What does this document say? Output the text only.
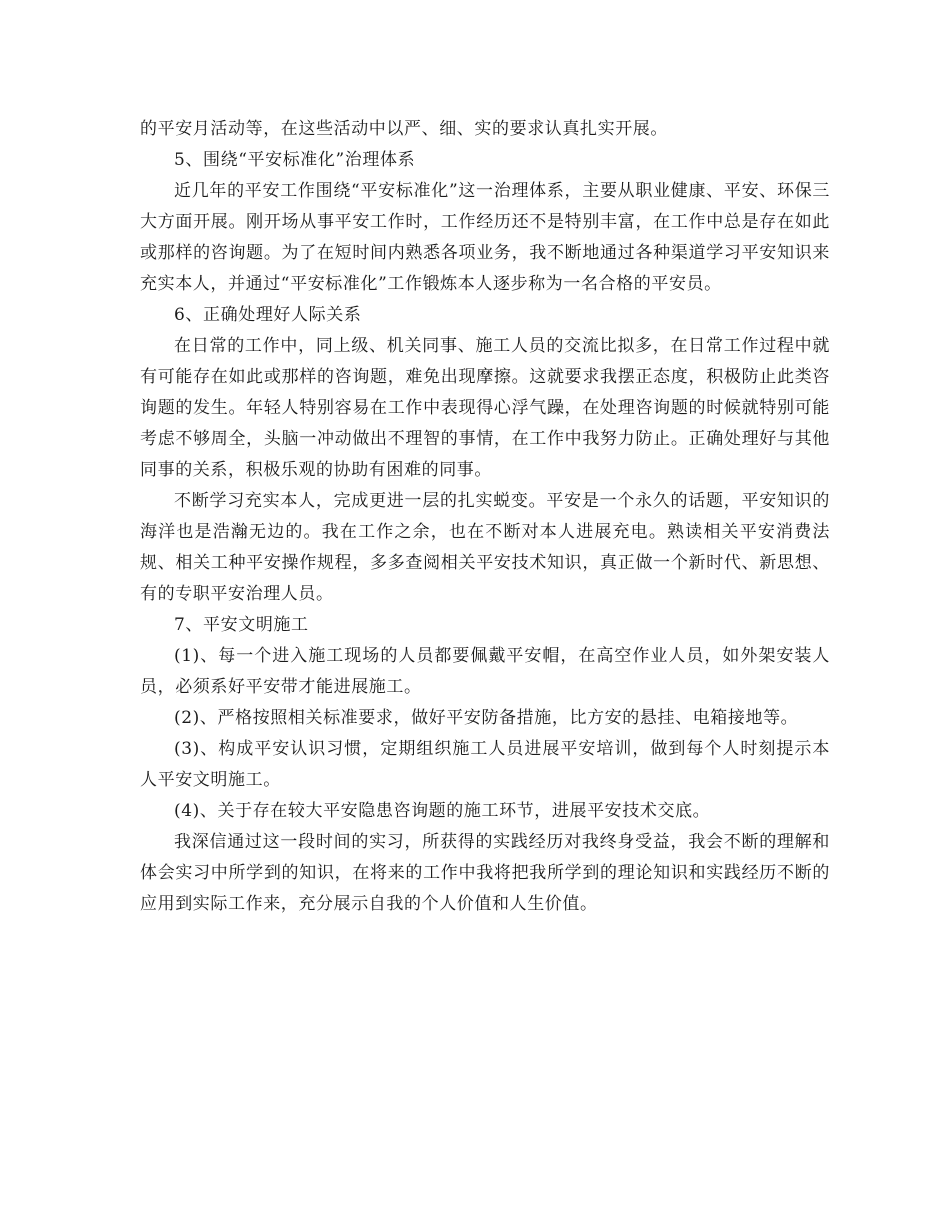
的平安月活动等，在这些活动中以严、细、实的要求认真扎实开展。

5、围绕“平安标准化”治理体系

近几年的平安工作围绕“平安标准化”这一治理体系，主要从职业健康、平安、环保三大方面开展。刚开场从事平安工作时，工作经历还不是特别丰富，在工作中总是存在如此或那样的咨询题。为了在短时间内熟悉各项业务，我不断地通过各种渠道学习平安知识来充实本人，并通过“平安标准化”工作锻炼本人逐步称为一名合格的平安员。

6、正确处理好人际关系

在日常的工作中，同上级、机关同事、施工人员的交流比拟多，在日常工作过程中就有可能存在如此或那样的咨询题，难免出现摩擦。这就要求我摆正态度，积极防止此类咨询题的发生。年轻人特别容易在工作中表现得心浮气躁，在处理咨询题的时候就特别可能考虑不够周全，头脑一冲动做出不理智的事情，在工作中我努力防止。正确处理好与其他同事的关系，积极乐观的协助有困难的同事。

不断学习充实本人，完成更进一层的扎实蜕变。平安是一个永久的话题，平安知识的海洋也是浩瀚无边的。我在工作之余，也在不断对本人进展充电。熟读相关平安消费法规、相关工种平安操作规程，多多查阅相关平安技术知识，真正做一个新时代、新思想、有的专职平安治理人员。

7、平安文明施工

(1)、每一个进入施工现场的人员都要佩戴平安帽，在高空作业人员，如外架安装人员，必须系好平安带才能进展施工。

(2)、严格按照相关标准要求，做好平安防备措施，比方安的悬挂、电箱接地等。

(3)、构成平安认识习惯，定期组织施工人员进展平安培训，做到每个人时刻提示本人平安文明施工。

(4)、关于存在较大平安隐患咨询题的施工环节，进展平安技术交底。

我深信通过这一段时间的实习，所获得的实践经历对我终身受益，我会不断的理解和体会实习中所学到的知识，在将来的工作中我将把我所学到的理论知识和实践经历不断的应用到实际工作来，充分展示自我的个人价值和人生价值。
